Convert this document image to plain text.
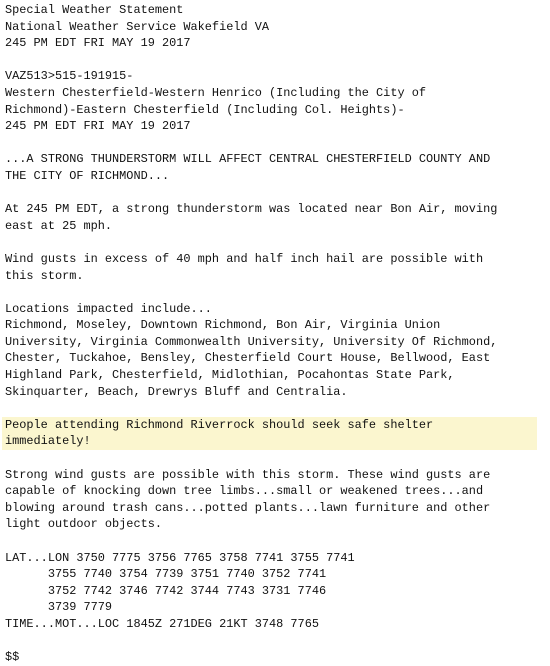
Special Weather Statement
National Weather Service Wakefield VA
245 PM EDT FRI MAY 19 2017
VAZ513>515-191915-
Western Chesterfield-Western Henrico (Including the City of
Richmond)-Eastern Chesterfield (Including Col. Heights)-
245 PM EDT FRI MAY 19 2017
...A STRONG THUNDERSTORM WILL AFFECT CENTRAL CHESTERFIELD COUNTY AND
THE CITY OF RICHMOND...
At 245 PM EDT, a strong thunderstorm was located near Bon Air, moving
east at 25 mph.
Wind gusts in excess of 40 mph and half inch hail are possible with
this storm.
Locations impacted include...
Richmond, Moseley, Downtown Richmond, Bon Air, Virginia Union
University, Virginia Commonwealth University, University Of Richmond,
Chester, Tuckahoe, Bensley, Chesterfield Court House, Bellwood, East
Highland Park, Chesterfield, Midlothian, Pocahontas State Park,
Skinquarter, Beach, Drewrys Bluff and Centralia.
People attending Richmond Riverrock should seek safe shelter
immediately!
Strong wind gusts are possible with this storm. These wind gusts are
capable of knocking down tree limbs...small or weakened trees...and
blowing around trash cans...potted plants...lawn furniture and other
light outdoor objects.
LAT...LON 3750 7775 3756 7765 3758 7741 3755 7741
3755 7740 3754 7739 3751 7740 3752 7741
3752 7742 3746 7742 3744 7743 3731 7746
3739 7779
TIME...MOT...LOC 1845Z 271DEG 21KT 3748 7765
$$
